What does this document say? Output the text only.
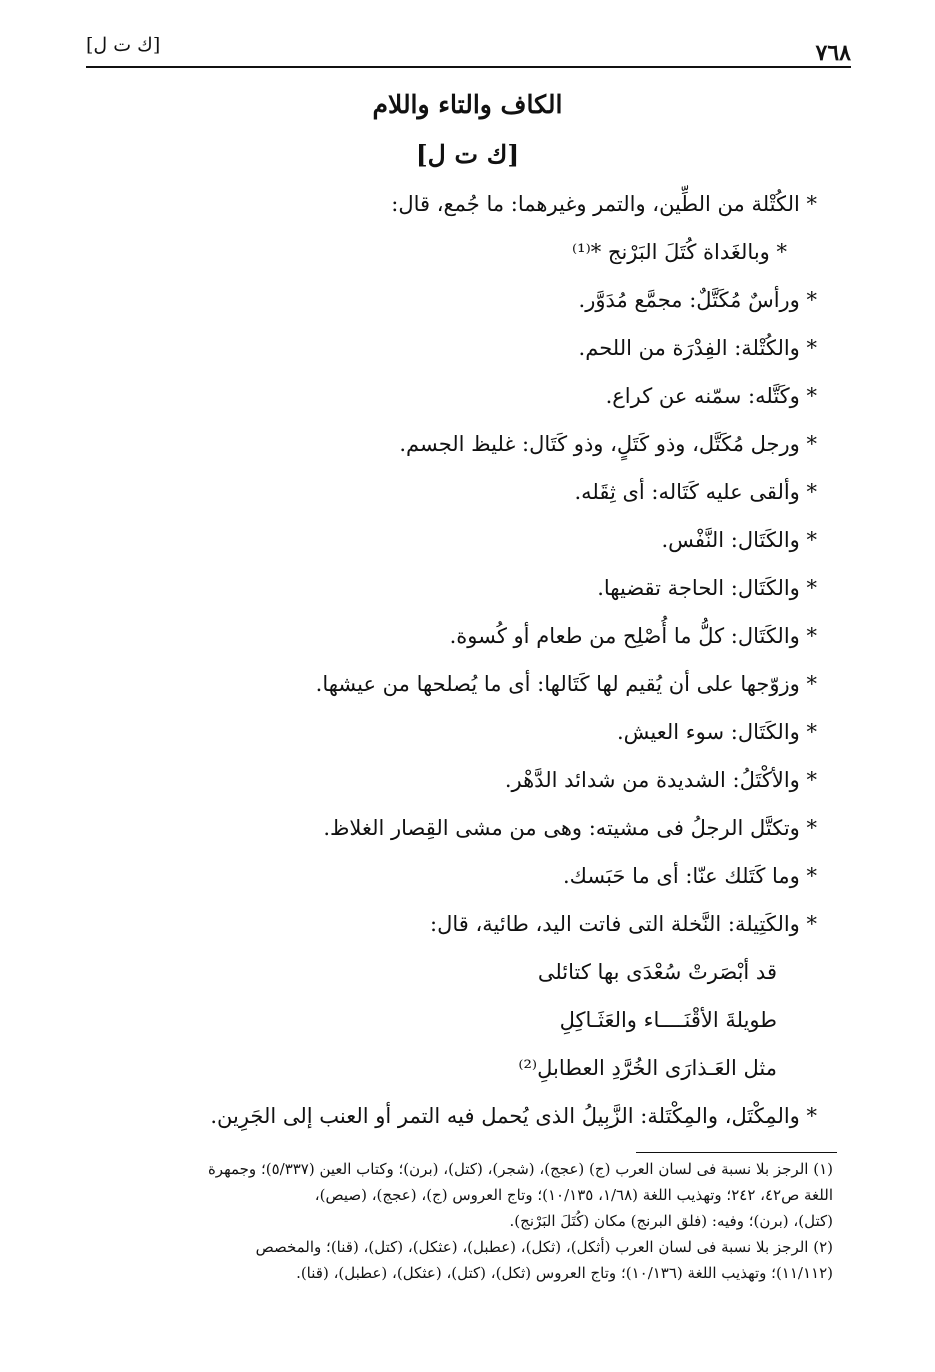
[ك ت ل]	٧٦٨
الكاف والتاء واللام
[ك ت ل]
* الكُتْلة من الطِّين، والتمر وغيرهما: ما جُمع، قال:
* وبالغَداة كُتَلَ البَرْنج *⁽¹⁾
* ورأسٌ مُكَتَّلٌ: مجمَّع مُدَوَّر.
* والكُتْلة: الفِدْرَة من اللحم.
* وكَتَّله: سمّنه عن كراع.
* ورجل مُكَتَّل، وذو كَتَلٍ، وذو كَتَال: غليظ الجسم.
* وألقى عليه كَتَاله: أى ثِقَله.
* والكَتَال: النَّفْس.
* والكَتَال: الحاجة تقضيها.
* والكَتَال: كلُّ ما أُصْلِح من طعام أو كُسوة.
* وزوّجها على أن يُقيم لها كَتَالها: أى ما يُصلحها من عيشها.
* والكَتَال: سوء العيش.
* والأكْتَلُ: الشديدة من شدائد الدَّهْر.
* وتكتَّل الرجلُ فى مشيته: وهى من مشى القِصار الغلاظ.
* وما كَتَلك عنّا: أى ما حَبَسك.
* والكَتِيلة: النَّخلة التى فاتت اليد، طائية، قال:
قد أبْصَرتْ سُعْدَى بها كتائلى
طويلةَ الأقْنَــــاء والعَثَـاكِلِ
مثل العَـذارَى الخُرَّدِ العطابلِ⁽²⁾
* والمِكْتَل، والمِكْتَلة: الزَّبِيلُ الذى يُحمل فيه التمر أو العنب إلى الجَرِين.
(١) الرجز بلا نسبة فى لسان العرب (ج) (عجج)، (شجر)، (كتل)، (برن)؛ وكتاب العين (٥/٣٣٧)؛ وجمهرة
اللغة ص٤٢، ٢٤٢؛ وتهذيب اللغة (١/٦٨، ١٠/١٣٥)؛ وتاج العروس (ج)، (عجج)، (صيص)،
(كتل)، (برن)؛ وفيه: (فلق البرنج) مكان (كُتَلَ البَرْنج).
(٢) الرجز بلا نسبة فى لسان العرب (أثكل)، (ثكل)، (عطبل)، (عثكل)، (كتل)، (قنا)؛ والمخصص
(١١/١١٢)؛ وتهذيب اللغة (١٠/١٣٦)؛ وتاج العروس (ثكل)، (كتل)، (عثكل)، (عطبل)، (قنا).
